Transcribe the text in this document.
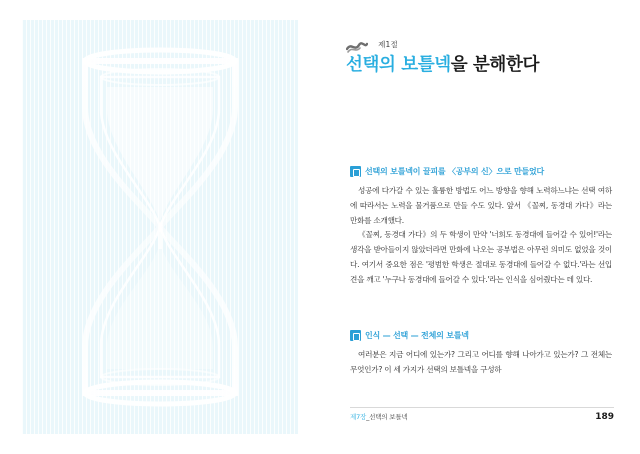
제1절
선택의 보틀넥을 분해한다
선택의 보틀넥이 끌피를 〈공부의 신〉으로 만들었다

성공에 다가갈 수 있는 훌륭한 방법도 어느 방향을 향해 노력하느냐는 선택 여하에 따라서는 노력을 물거품으로 만들 수도 있다. 앞서 《꼴찌, 동경대 가다》라는 만화를 소개했다.

《꼴찌, 동경대 가다》의 두 학생이 만약 '너희도 동경대에 들어갈 수 있어!'라는 생각을 받아들이지 않았더라면 만화에 나오는 공부법은 아무런 의미도 없었을 것이다. 여기서 중요한 점은 '평범한 학생은 절대로 동경대에 들어갈 수 없다.'라는 선입견을 깨고 '누구나 동경대에 들어갈 수 있다.'라는 인식을 심어줬다는 데 있다.

인식 — 선택 — 전체의 보틀넥

여러분은 지금 어디에 있는가? 그리고 어디를 향해 나아가고 있는가? 그 전체는 무엇인가? 이 세 가지가 선택의 보틀넥을 구성하

제7장_선택의 보틀넥	189
